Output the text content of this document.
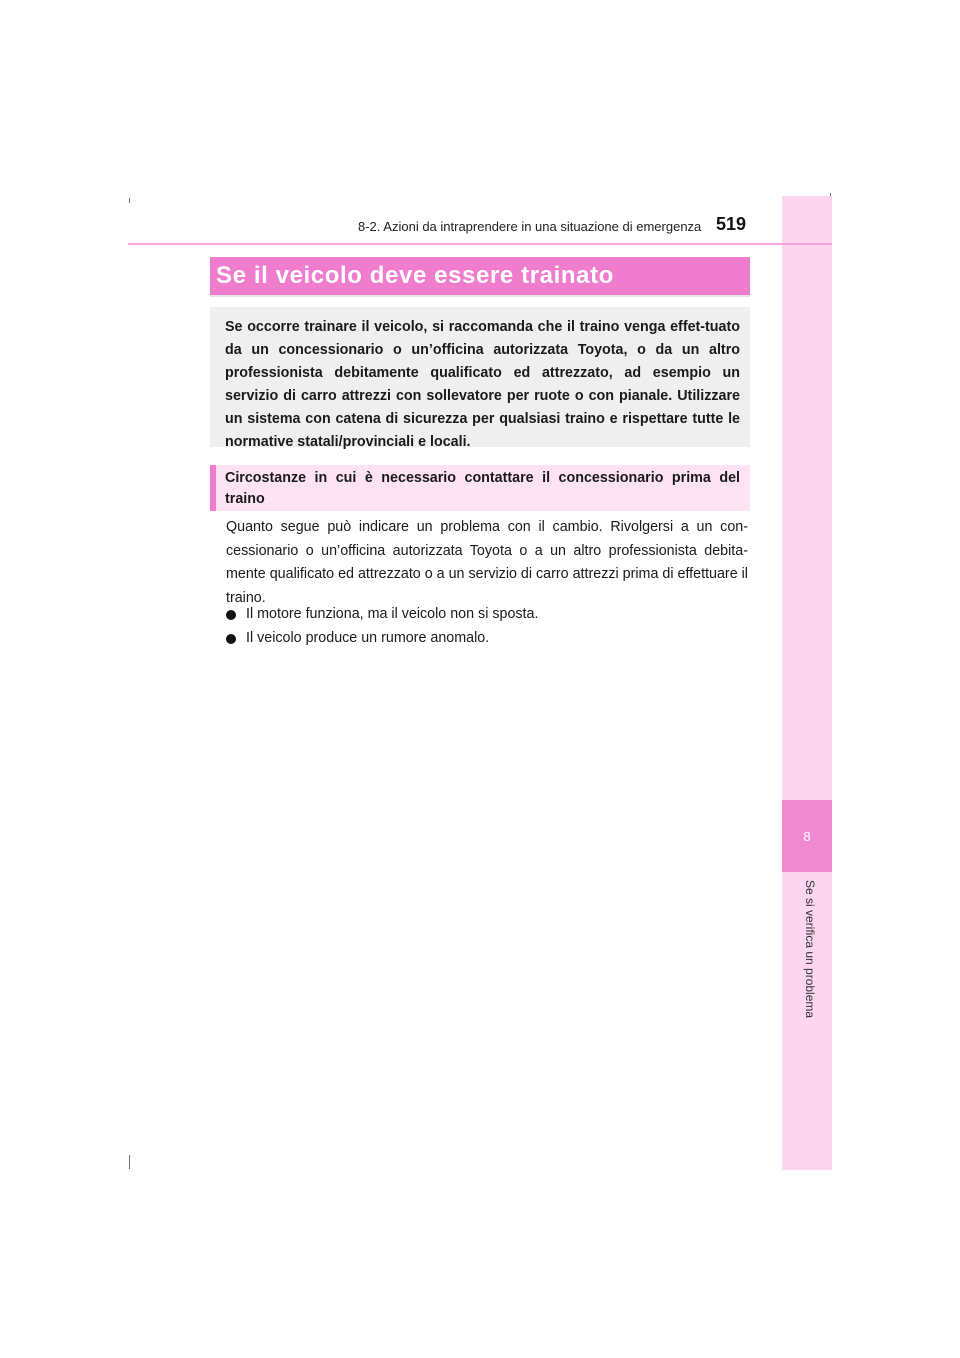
8
Se si verifica un problema
8-2. Azioni da intraprendere in una situazione di emergenza 519
Se il veicolo deve essere trainato

Se occorre trainare il veicolo, si raccomanda che il traino venga effet-tuato da un concessionario o un’officina autorizzata Toyota, o da un altro professionista debitamente qualificato ed attrezzato, ad esempio un servizio di carro attrezzi con sollevatore per ruote o con pianale. Utilizzare un sistema con catena di sicurezza per qualsiasi traino e rispettare tutte le normative statali/provinciali e locali.

Circostanze in cui è necessario contattare il concessionario prima del traino

Quanto segue può indicare un problema con il cambio. Rivolgersi a un con-cessionario o un’officina autorizzata Toyota o a un altro professionista debita-mente qualificato ed attrezzato o a un servizio di carro attrezzi prima di effettuare il traino.

Il motore funziona, ma il veicolo non si sposta.
Il veicolo produce un rumore anomalo.
